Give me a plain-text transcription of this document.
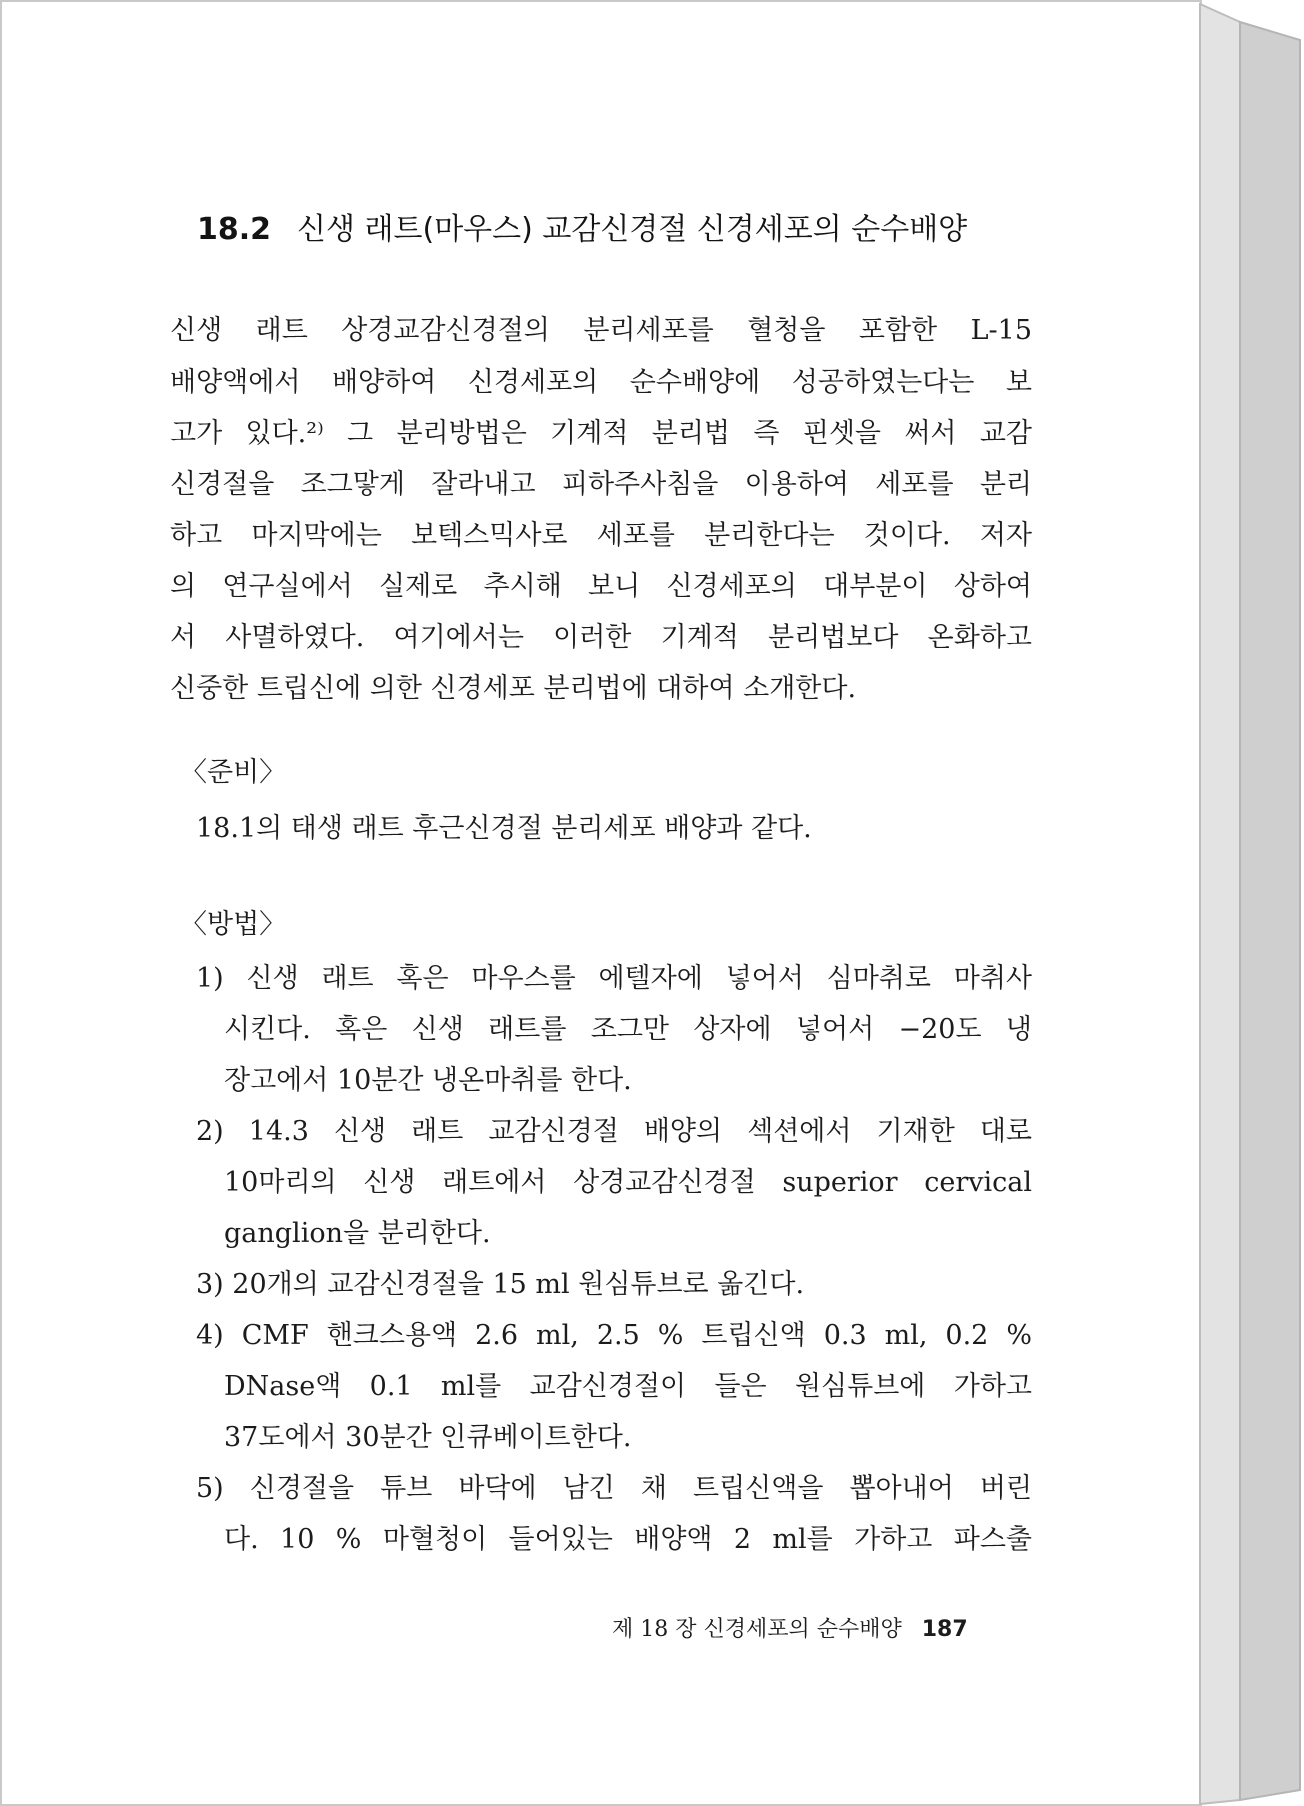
18.2 신생 래트(마우스) 교감신경절 신경세포의 순수배양
신생 래트 상경교감신경절의 분리세포를 혈청을 포함한 L-15
배양액에서 배양하여 신경세포의 순수배양에 성공하였는다는 보
고가 있다.²⁾ 그 분리방법은 기계적 분리법 즉 핀셋을 써서 교감
신경절을 조그맣게 잘라내고 피하주사침을 이용하여 세포를 분리
하고 마지막에는 보텍스믹사로 세포를 분리한다는 것이다. 저자
의 연구실에서 실제로 추시해 보니 신경세포의 대부분이 상하여
서 사멸하였다. 여기에서는 이러한 기계적 분리법보다 온화하고
신중한 트립신에 의한 신경세포 분리법에 대하여 소개한다.
〈준비〉
18.1의 태생 래트 후근신경절 분리세포 배양과 같다.
〈방법〉
1) 신생 래트 혹은 마우스를 에텔자에 넣어서 심마취로 마취사
시킨다. 혹은 신생 래트를 조그만 상자에 넣어서 −20도 냉
장고에서 10분간 냉온마취를 한다.
2) 14.3 신생 래트 교감신경절 배양의 섹션에서 기재한 대로
10마리의 신생 래트에서 상경교감신경절 superior cervical
ganglion을 분리한다.
3) 20개의 교감신경절을 15 ml 원심튜브로 옮긴다.
4) CMF 핸크스용액 2.6 ml, 2.5 % 트립신액 0.3 ml, 0.2 %
DNase액 0.1 ml를 교감신경절이 들은 원심튜브에 가하고
37도에서 30분간 인큐베이트한다.
5) 신경절을 튜브 바닥에 남긴 채 트립신액을 뽑아내어 버린
다. 10 % 마혈청이 들어있는 배양액 2 ml를 가하고 파스출
제 18 장 신경세포의 순수배양 187
